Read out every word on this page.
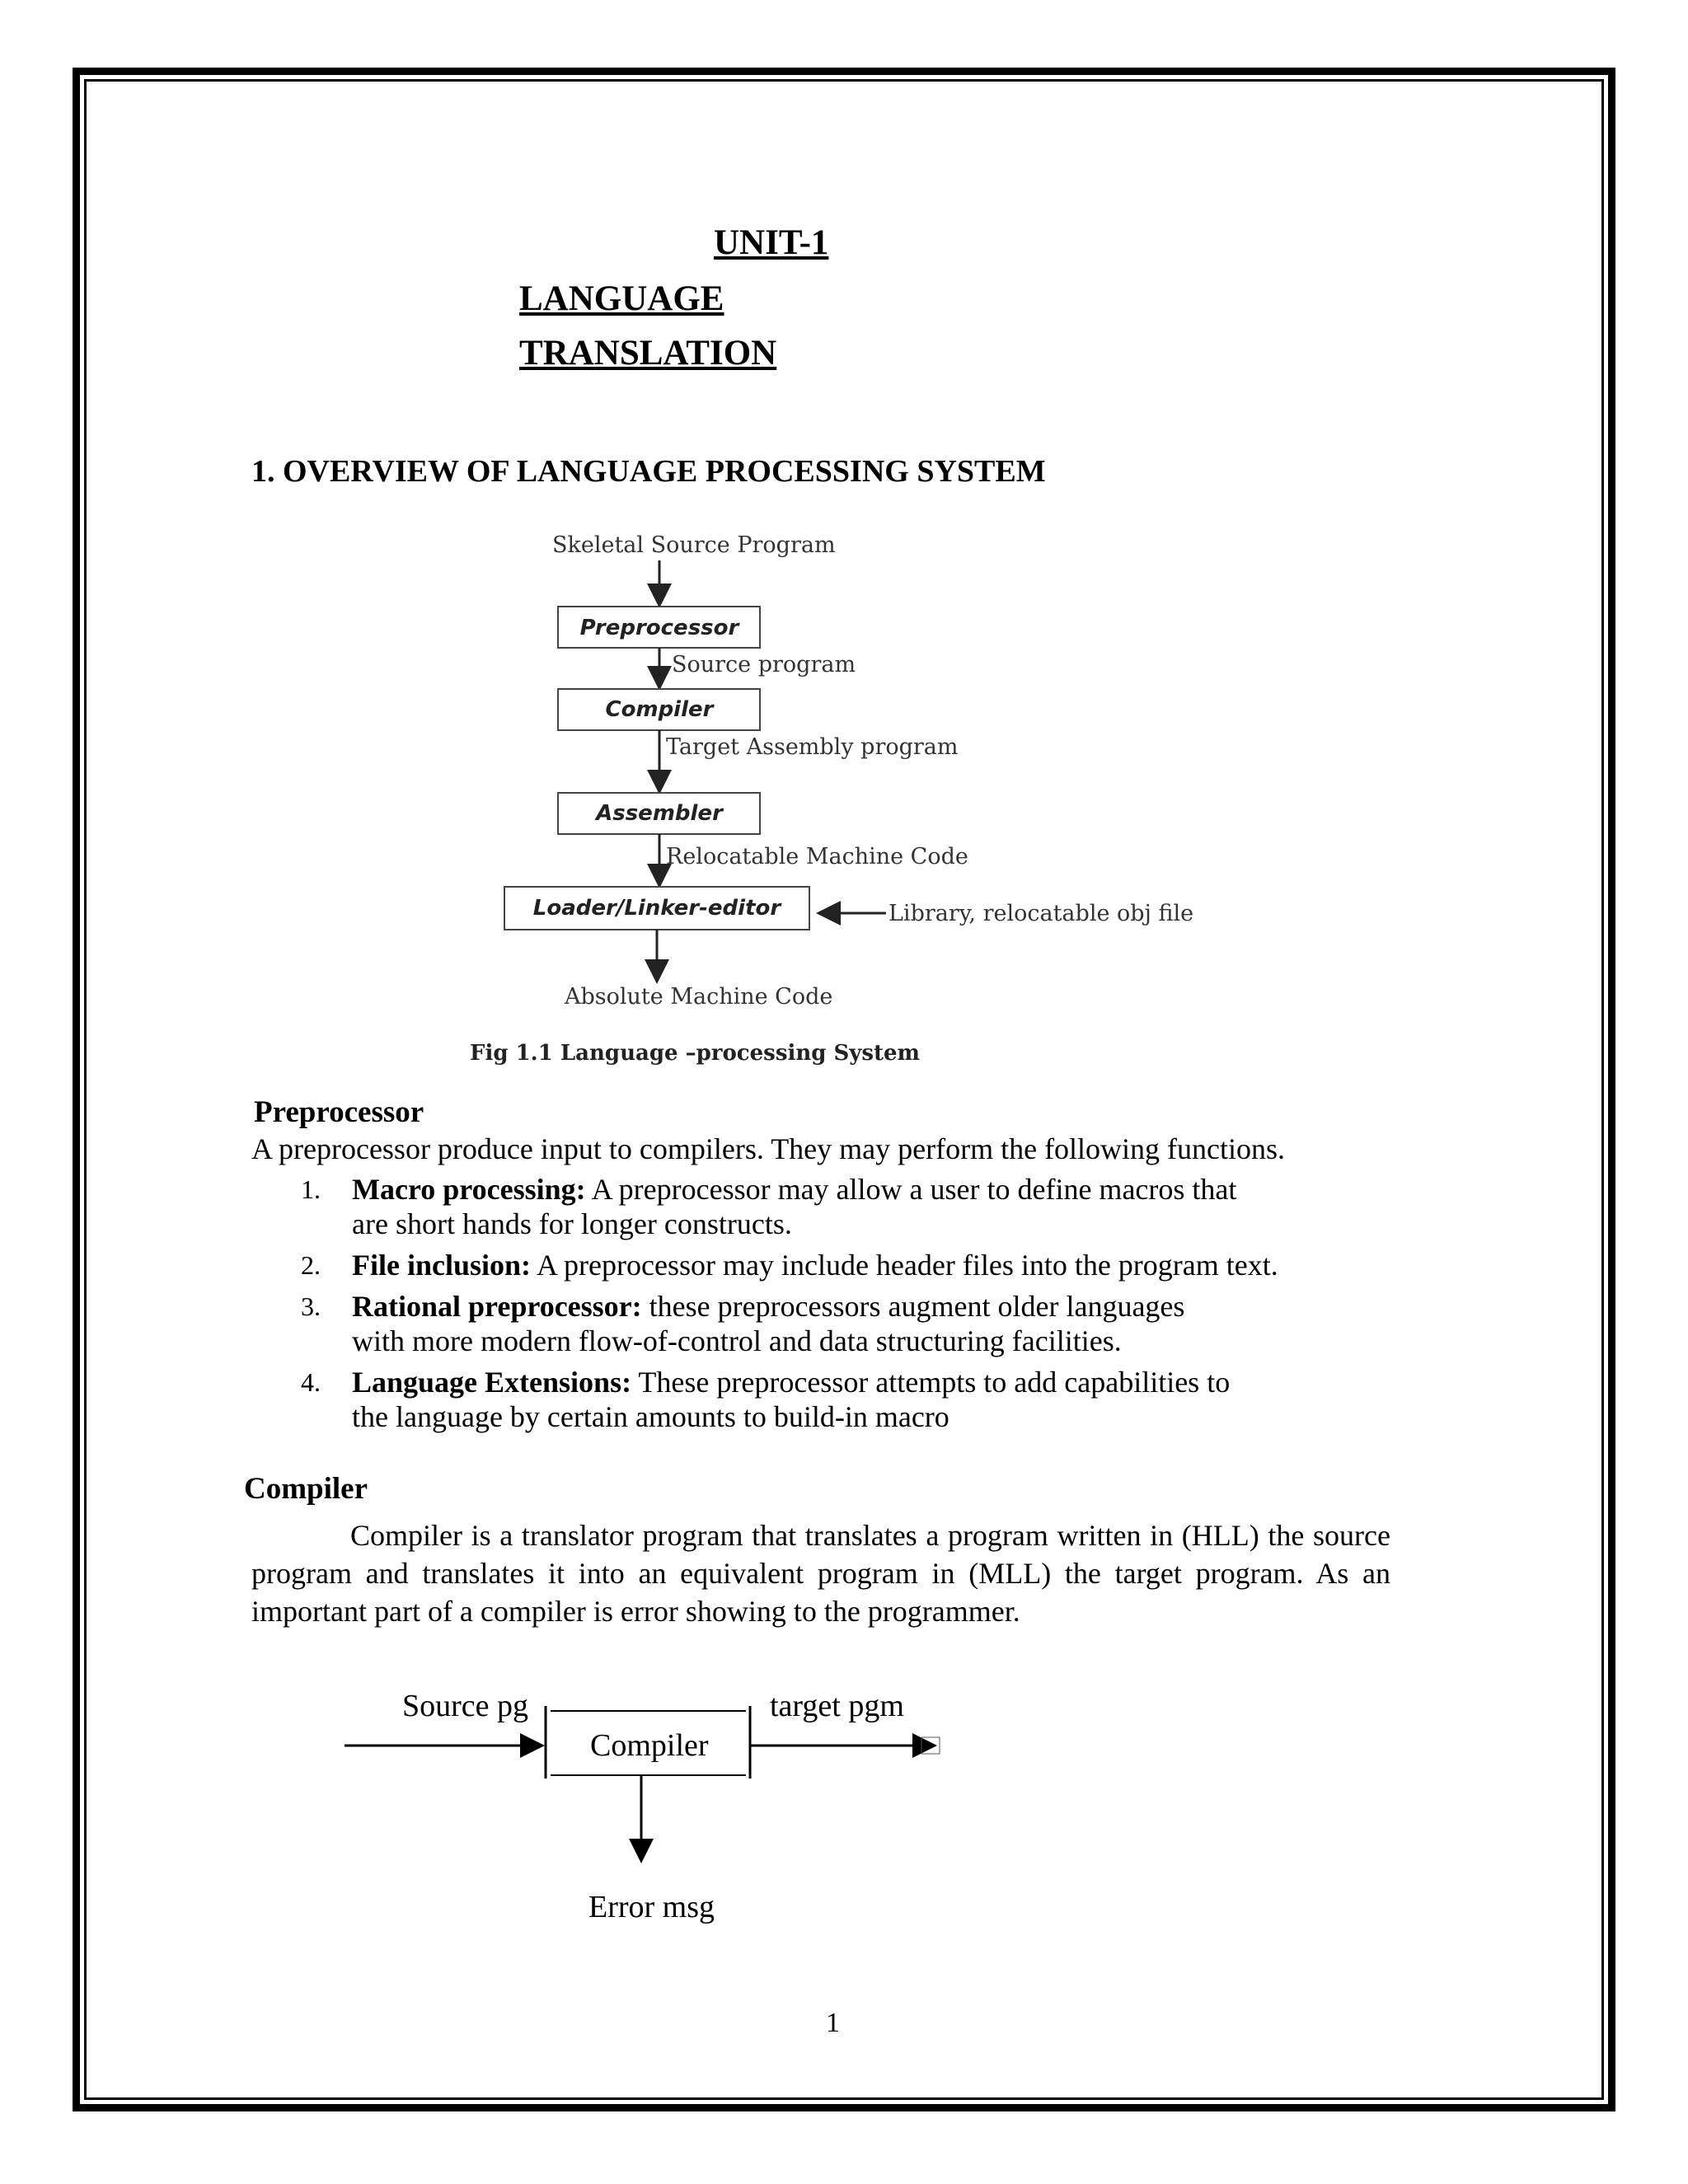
UNIT-1
LANGUAGE
TRANSLATION
1. OVERVIEW OF LANGUAGE PROCESSING SYSTEM
Skeletal Source Program
Preprocessor
Source program
Compiler
Target Assembly program
Assembler
Relocatable Machine Code
Loader/Linker-editor	Library, relocatable obj file
Absolute Machine Code
Fig 1.1 Language –processing System
Preprocessor
A preprocessor produce input to compilers. They may perform the following functions.
1. Macro processing: A preprocessor may allow a user to define macros that
are short hands for longer constructs.
2. File inclusion: A preprocessor may include header files into the program text.
3. Rational preprocessor: these preprocessors augment older languages
with more modern flow-of-control and data structuring facilities.
4. Language Extensions: These preprocessor attempts to add capabilities to
the language by certain amounts to build-in macro
Compiler

Compiler is a translator program that translates a program written in (HLL) the source program and translates it into an equivalent program in (MLL) the target program. As an important part of a compiler is error showing to the programmer.

Source pg
Compiler
target pgm
Error msg
1
